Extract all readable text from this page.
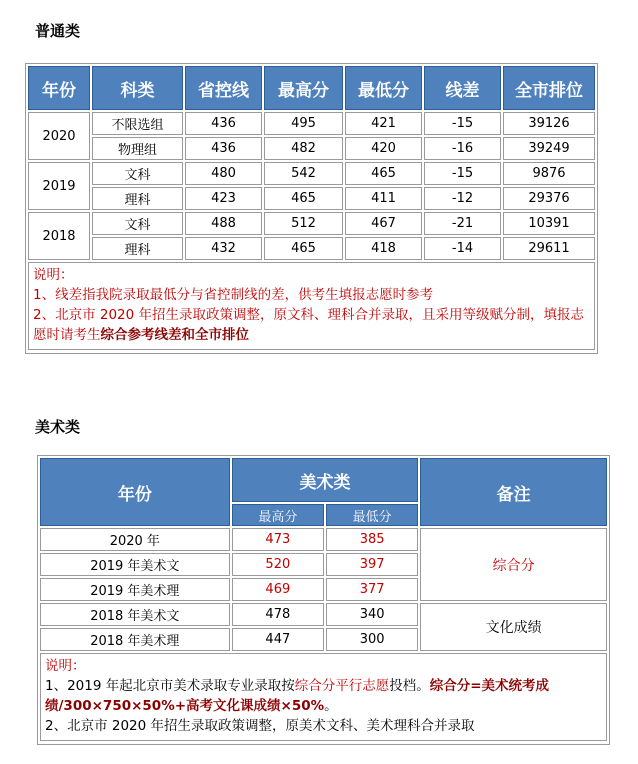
普通类
年份	科类	省控线	最高分	最低分	线差	全市排位
2020	不限选组	436	495	421	-15	39126
	物理组	436	482	420	-16	39249
2019	文科	480	542	465	-15	9876
	理科	423	465	411	-12	29376
2018	文科	488	512	467	-21	10391
	理科	432	465	418	-14	29611

说明：
1、线差指我院录取最低分与省控制线的差，供考生填报志愿时参考
2、北京市 2020 年招生录取政策调整，原文科、理科合并录取，且采用等级赋分制，填报志愿时请考生综合参考线差和全市排位						
美术类
年份	美术类		备注
	最高分	最低分	
2020 年	473	385	综合分
2019 年美术文	520	397	
2019 年美术理	469	377	
2018 年美术文	478	340	文化成绩
2018 年美术理	447	300	

说明：
1、2019 年起北京市美术录取专业录取按综合分平行志愿投档。综合分=美术统考成绩/300×750×50%+高考文化课成绩×50%。
2、北京市 2020 年招生录取政策调整，原美术文科、美术理科合并录取			
